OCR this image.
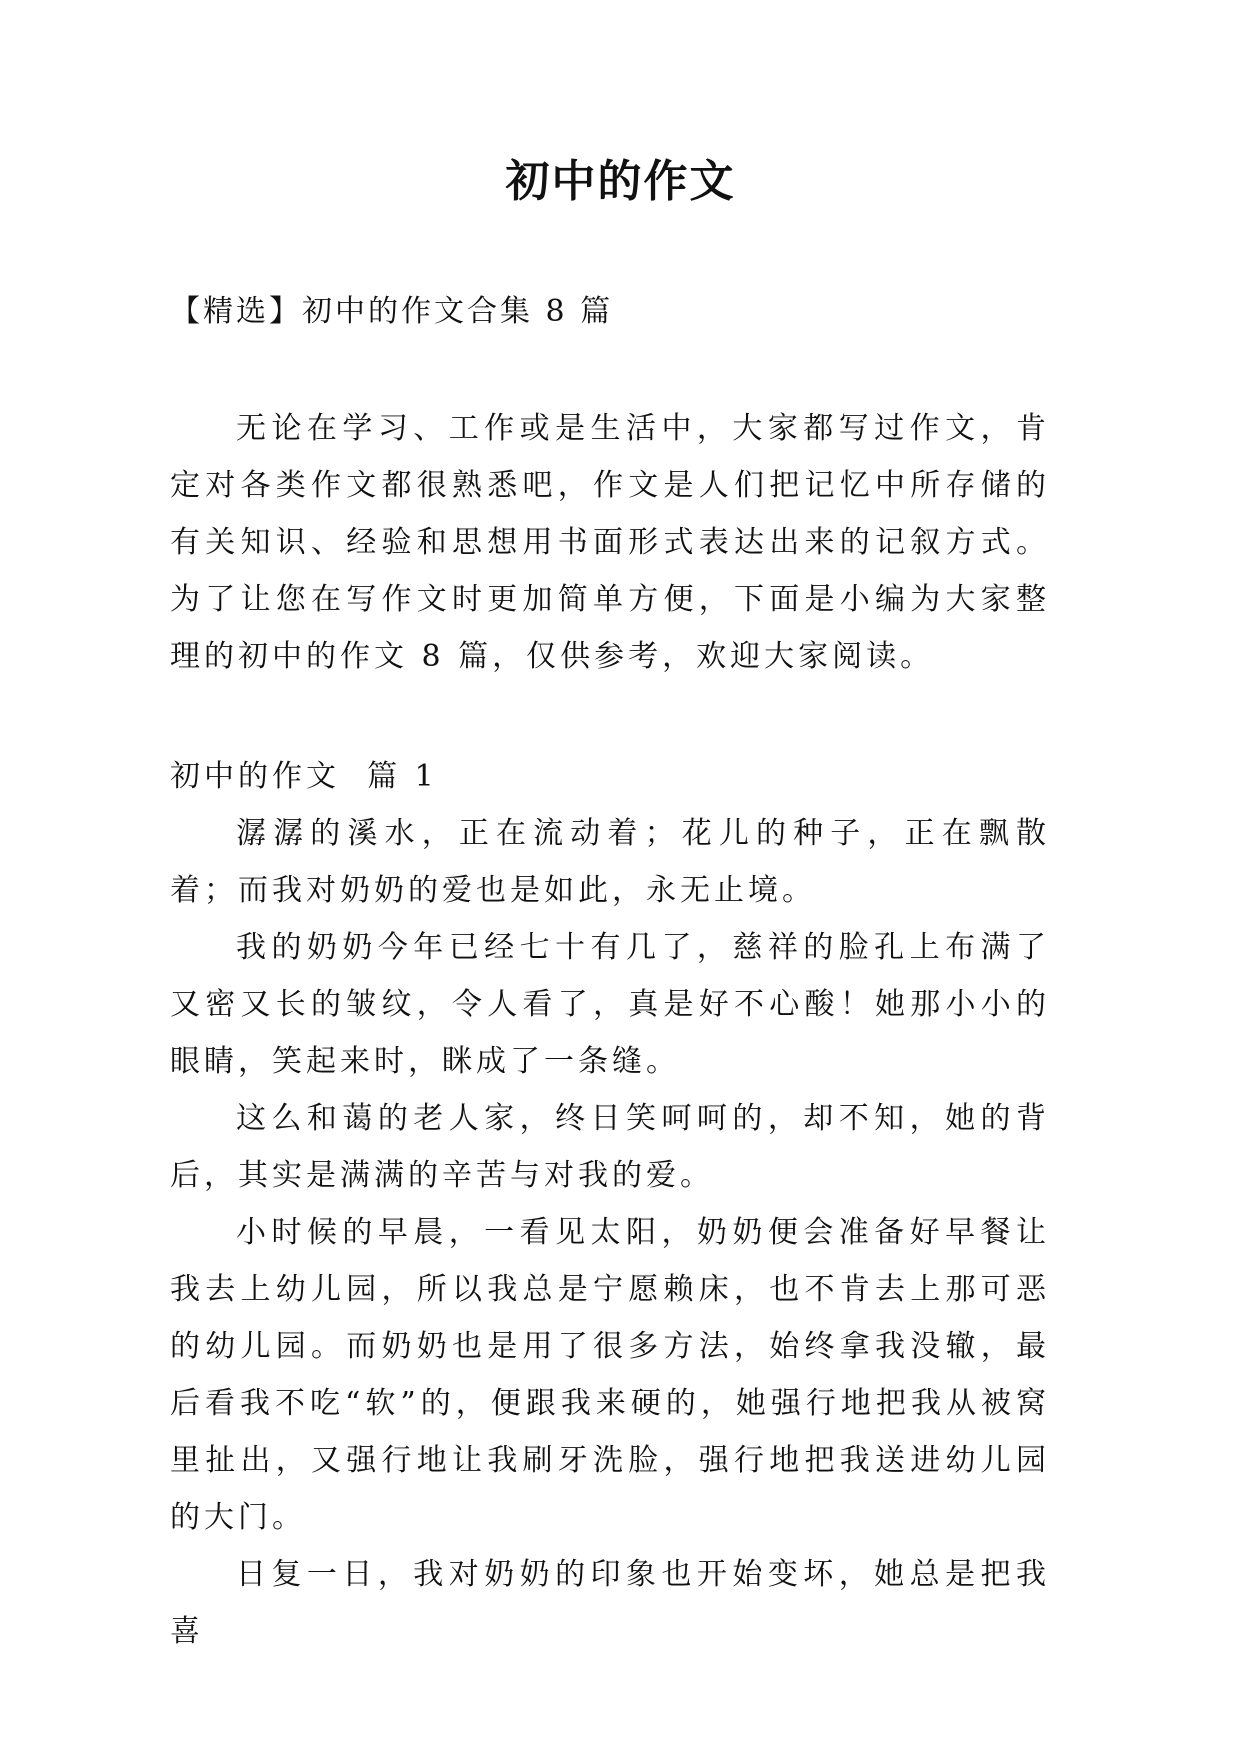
初中的作文
【精选】初中的作文合集 8 篇

无论在学习、工作或是生活中，大家都写过作文，肯定对各类作文都很熟悉吧，作文是人们把记忆中所存储的有关知识、经验和思想用书面形式表达出来的记叙方式。为了让您在写作文时更加简单方便，下面是小编为大家整理的初中的作文 8 篇，仅供参考，欢迎大家阅读。

初中的作文  篇 1

潺潺的溪水，正在流动着；花儿的种子，正在飘散着；而我对奶奶的爱也是如此，永无止境。

我的奶奶今年已经七十有几了，慈祥的脸孔上布满了又密又长的皱纹，令人看了，真是好不心酸！她那小小的眼睛，笑起来时，眯成了一条缝。

这么和蔼的老人家，终日笑呵呵的，却不知，她的背后，其实是满满的辛苦与对我的爱。

小时候的早晨，一看见太阳，奶奶便会准备好早餐让我去上幼儿园，所以我总是宁愿赖床，也不肯去上那可恶的幼儿园。而奶奶也是用了很多方法，始终拿我没辙，最后看我不吃“软”的，便跟我来硬的，她强行地把我从被窝里扯出，又强行地让我刷牙洗脸，强行地把我送进幼儿园的大门。

日复一日，我对奶奶的印象也开始变坏，她总是把我喜
